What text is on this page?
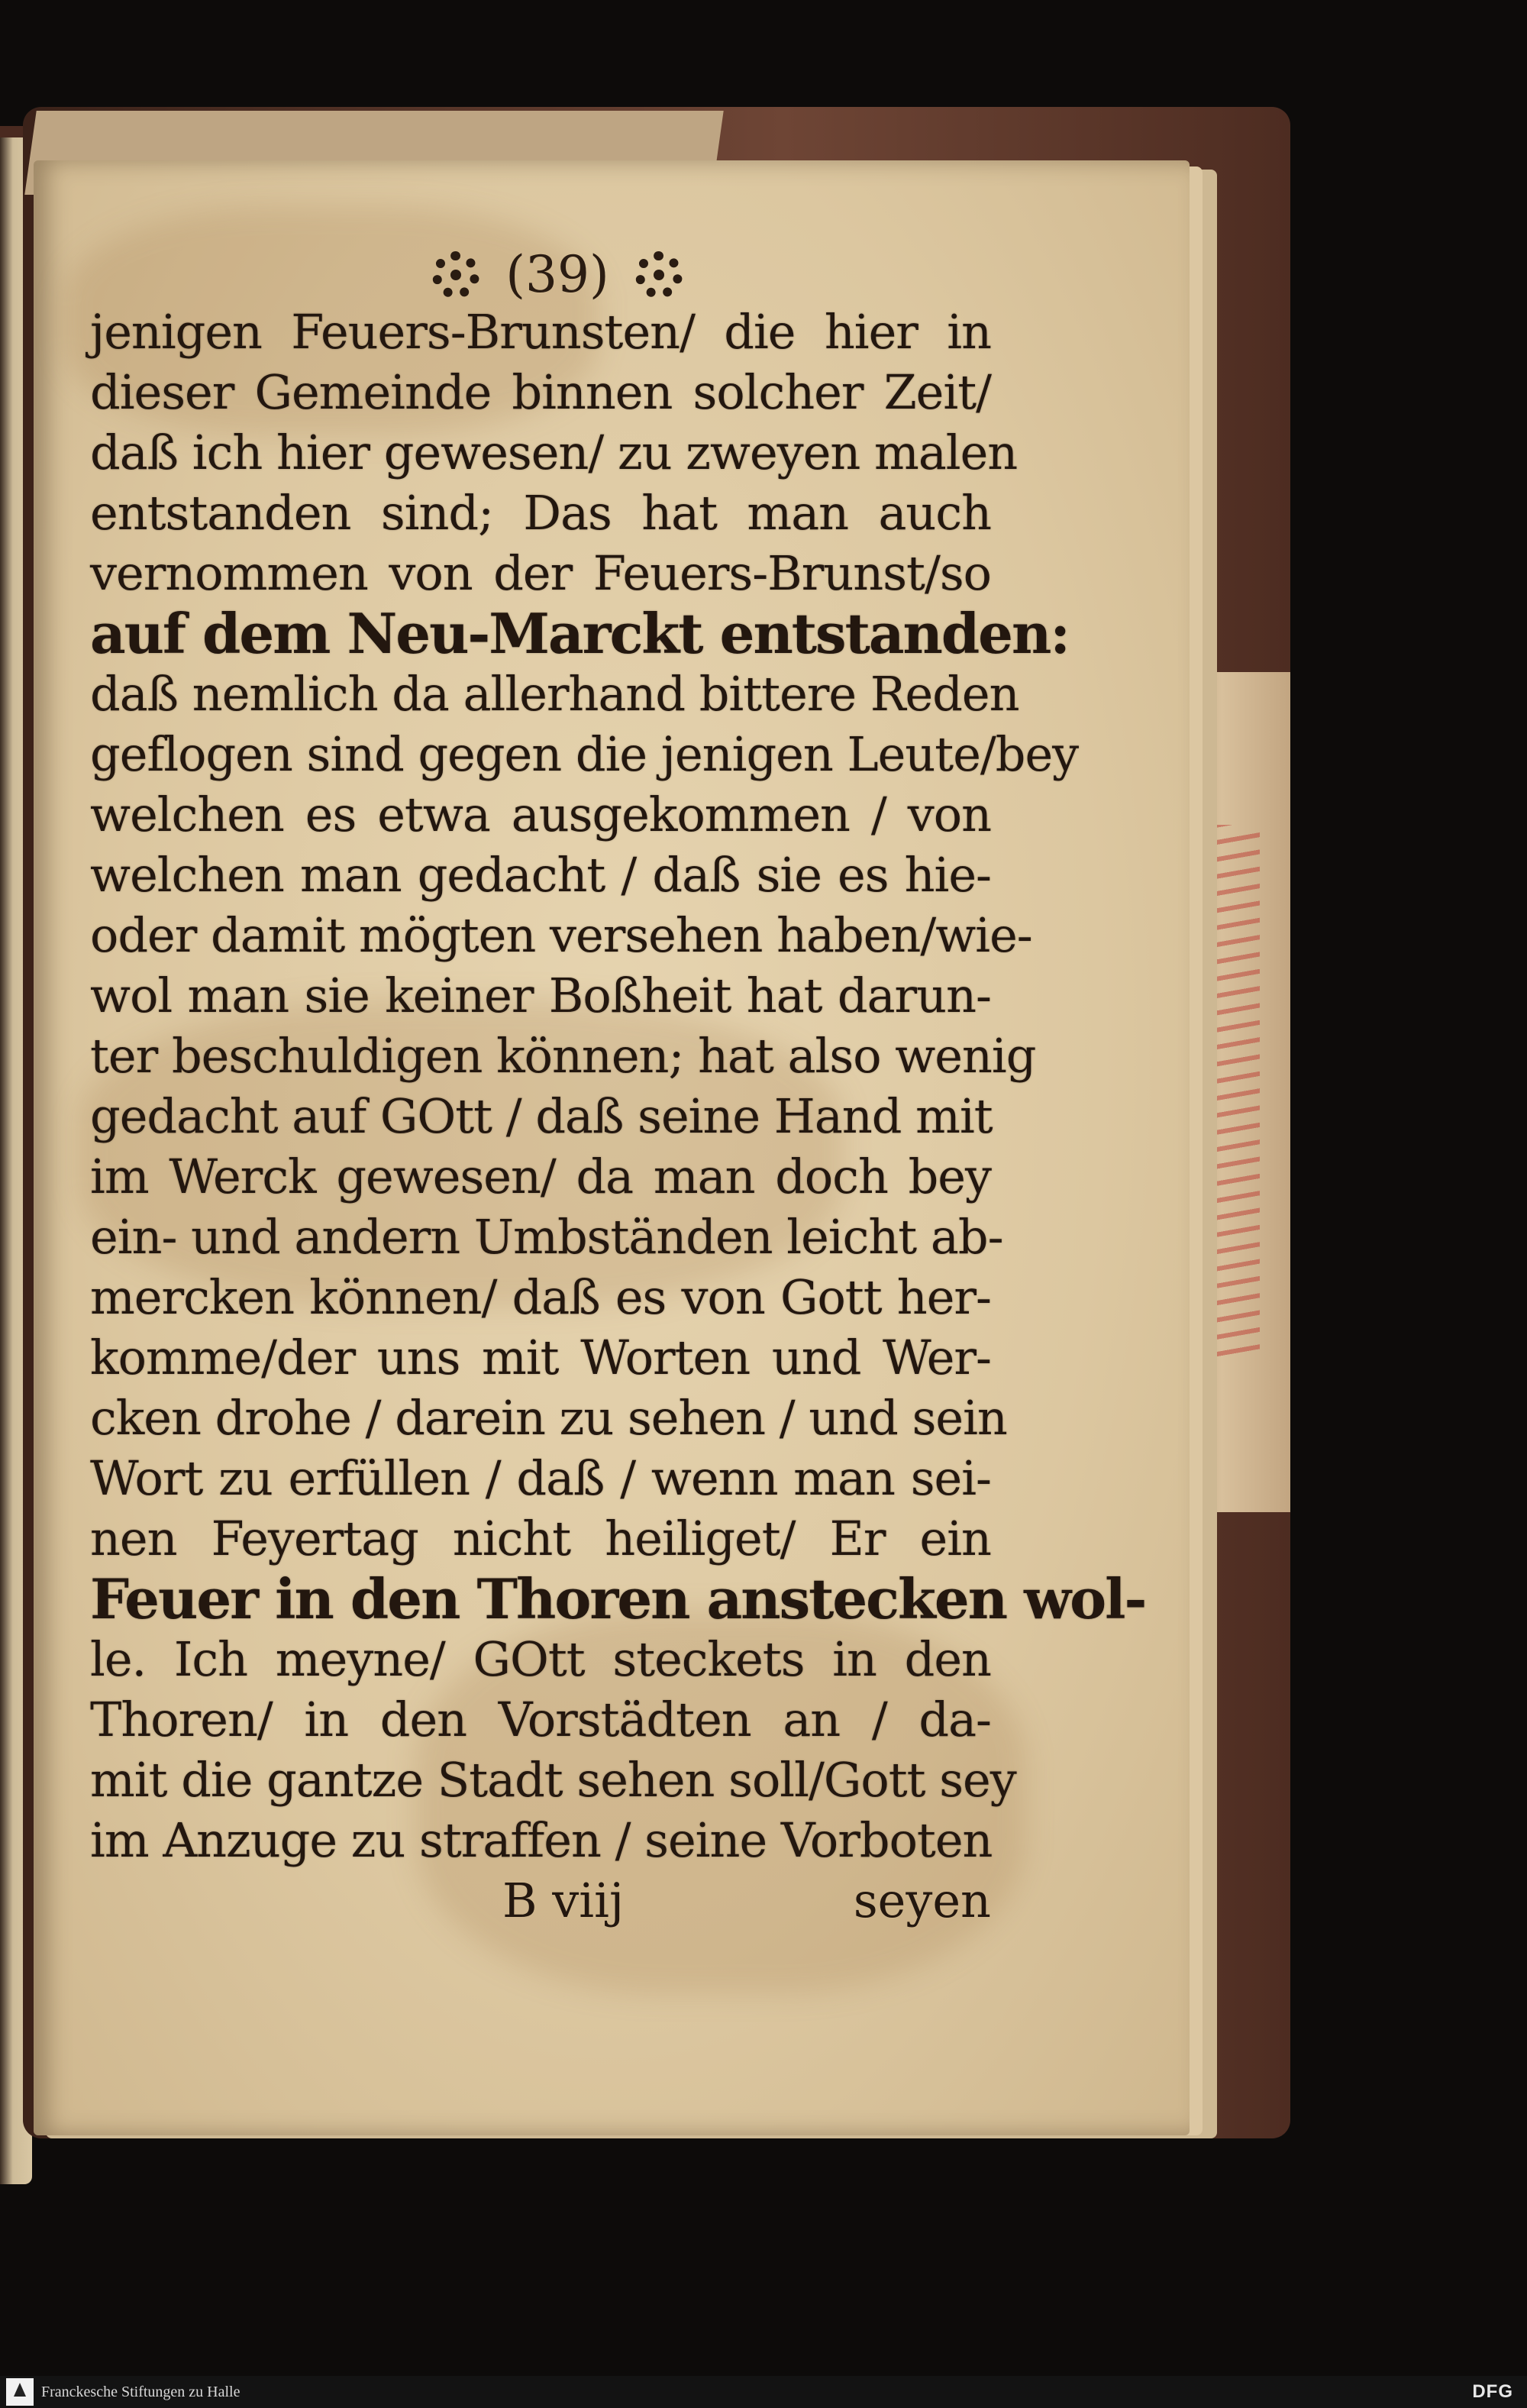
(39)
jenigen Feuers-Brunsten/ die hier in
dieser Gemeinde binnen solcher Zeit/
daß ich hier gewesen/ zu zweyen malen
entstanden sind; Das hat man auch
vernommen von der Feuers-Brunst/so
auf dem Neu-Marckt entstanden:
daß nemlich da allerhand bittere Reden
geflogen sind gegen die jenigen Leute/bey
welchen es etwa ausgekommen / von
welchen man gedacht / daß sie es hie-
oder damit mögten versehen haben/wie-
wol man sie keiner Boßheit hat darun-
ter beschuldigen können; hat also wenig
gedacht auf GOtt / daß seine Hand mit
im Werck gewesen/ da man doch bey
ein- und andern Umbständen leicht ab-
mercken können/ daß es von Gott her-
komme/der uns mit Worten und Wer-
cken drohe / darein zu sehen / und sein
Wort zu erfüllen / daß / wenn man sei-
nen Feyertag nicht heiliget/ Er ein
Feuer in den Thoren anstecken wol-
le. Ich meyne/ GOtt steckets in den
Thoren/ in den Vorstädten an / da-
mit die gantze Stadt sehen soll/Gott sey
im Anzuge zu straffen / seine Vorboten
B viij	seyen
Franckesche Stiftungen zu Halle	DFG
